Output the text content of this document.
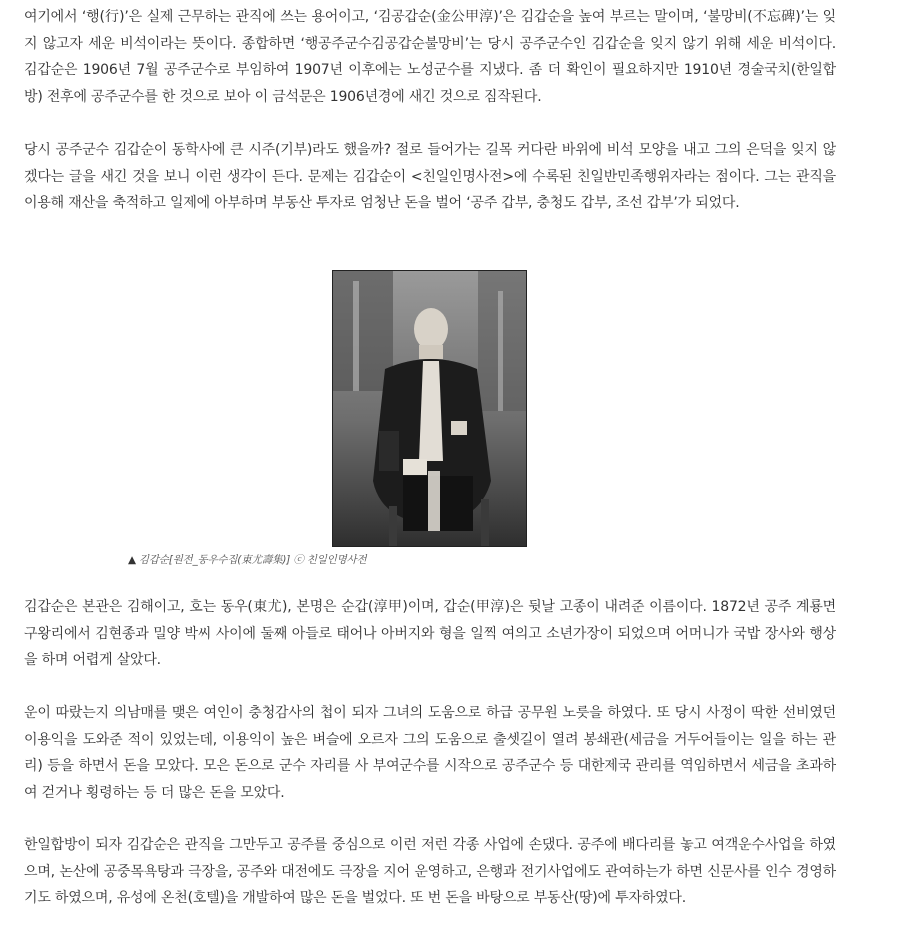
여기에서 ‘행(行)’은 실제 근무하는 관직에 쓰는 용어이고, ‘김공갑순(金公甲淳)’은 김갑순을 높여 부르는 말이며, ‘불망비(不忘碑)’는 잊지 않고자 세운 비석이라는 뜻이다. 종합하면 ‘행공주군수김공갑순불망비’는 당시 공주군수인 김갑순을 잊지 않기 위해 세운 비석이다. 김갑순은 1906년 7월 공주군수로 부임하여 1907년 이후에는 노성군수를 지냈다. 좀 더 확인이 필요하지만 1910년 경술국치(한일합방) 전후에 공주군수를 한 것으로 보아 이 금석문은 1906년경에 새긴 것으로 짐작된다.

당시 공주군수 김갑순이 동학사에 큰 시주(기부)라도 했을까? 절로 들어가는 길목 커다란 바위에 비석 모양을 내고 그의 은덕을 잊지 않겠다는 글을 새긴 것을 보니 이런 생각이 든다. 문제는 김갑순이 <친일인명사전>에 수록된 친일반민족행위자라는 점이다. 그는 관직을 이용해 재산을 축적하고 일제에 아부하며 부동산 투자로 엄청난 돈을 벌어 ‘공주 갑부, 충청도 갑부, 조선 갑부’가 되었다.

김갑순은 본관은 김해이고, 호는 동우(東尤), 본명은 순갑(淳甲)이며, 갑순(甲淳)은 뒷날 고종이 내려준 이름이다. 1872년 공주 계룡면 구왕리에서 김현종과 밀양 박씨 사이에 둘째 아들로 태어나 아버지와 형을 일찍 여의고 소년가장이 되었으며 어머니가 국밥 장사와 행상을 하며 어렵게 살았다.

운이 따랐는지 의남매를 맺은 여인이 충청감사의 첩이 되자 그녀의 도움으로 하급 공무원 노릇을 하였다. 또 당시 사정이 딱한 선비였던 이용익을 도와준 적이 있었는데, 이용익이 높은 벼슬에 오르자 그의 도움으로 출셋길이 열려 봉쇄관(세금을 거두어들이는 일을 하는 관리) 등을 하면서 돈을 모았다. 모은 돈으로 군수 자리를 사 부여군수를 시작으로 공주군수 등 대한제국 관리를 역임하면서 세금을 초과하여 걷거나 횡령하는 등 더 많은 돈을 모았다.

한일합방이 되자 김갑순은 관직을 그만두고 공주를 중심으로 이런 저런 각종 사업에 손댔다. 공주에 배다리를 놓고 여객운수사업을 하였으며, 논산에 공중목욕탕과 극장을, 공주와 대전에도 극장을 지어 운영하고, 은행과 전기사업에도 관여하는가 하면 신문사를 인수 경영하기도 하였으며, 유성에 온천(호텔)을 개발하여 많은 돈을 벌었다. 또 번 돈을 바탕으로 부동산(땅)에 투자하였다.

▲ 김갑순[원전_동우수집(東尤壽集)] ⓒ 친일인명사전
